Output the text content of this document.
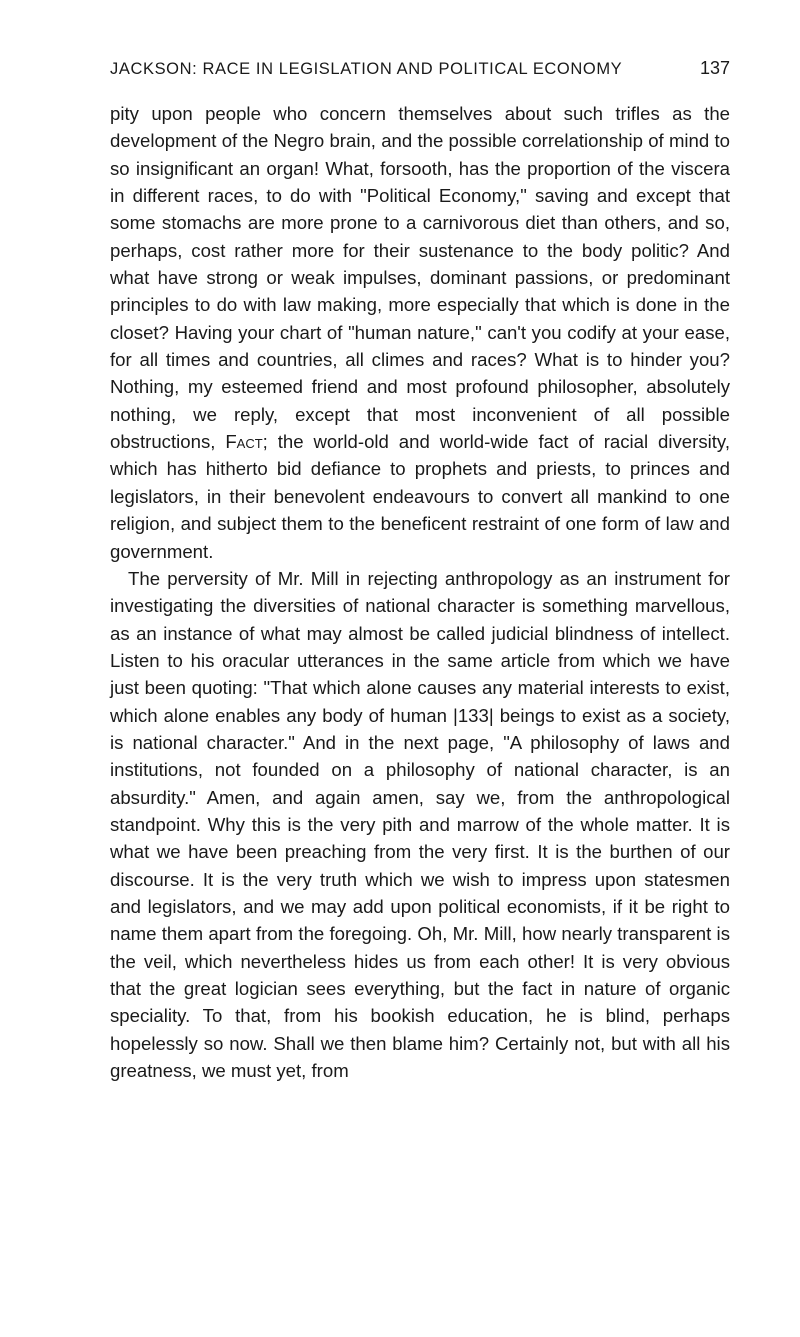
JACKSON: RACE IN LEGISLATION AND POLITICAL ECONOMY	137

pity upon people who concern themselves about such trifles as the development of the Negro brain, and the possible correlationship of mind to so insignificant an organ! What, forsooth, has the proportion of the viscera in different races, to do with "Political Economy," saving and except that some stomachs are more prone to a carnivorous diet than others, and so, perhaps, cost rather more for their sustenance to the body politic? And what have strong or weak impulses, dominant passions, or predominant principles to do with law making, more especially that which is done in the closet? Having your chart of "human nature," can't you codify at your ease, for all times and countries, all climes and races? What is to hinder you? Nothing, my esteemed friend and most profound philosopher, absolutely nothing, we reply, except that most inconvenient of all possible obstructions, Fact; the world-old and world-wide fact of racial diversity, which has hitherto bid defiance to prophets and priests, to princes and legislators, in their benevolent endeavours to convert all mankind to one religion, and subject them to the beneficent restraint of one form of law and government.

The perversity of Mr. Mill in rejecting anthropology as an instrument for investigating the diversities of national character is something marvellous, as an instance of what may almost be called judicial blindness of intellect. Listen to his oracular utterances in the same article from which we have just been quoting: "That which alone causes any material interests to exist, which alone enables any body of human |133| beings to exist as a society, is national character." And in the next page, "A philosophy of laws and institutions, not founded on a philosophy of national character, is an absurdity." Amen, and again amen, say we, from the anthropological standpoint. Why this is the very pith and marrow of the whole matter. It is what we have been preaching from the very first. It is the burthen of our discourse. It is the very truth which we wish to impress upon statesmen and legislators, and we may add upon political economists, if it be right to name them apart from the foregoing. Oh, Mr. Mill, how nearly transparent is the veil, which nevertheless hides us from each other! It is very obvious that the great logician sees everything, but the fact in nature of organic speciality. To that, from his bookish education, he is blind, perhaps hopelessly so now. Shall we then blame him? Certainly not, but with all his greatness, we must yet, from
